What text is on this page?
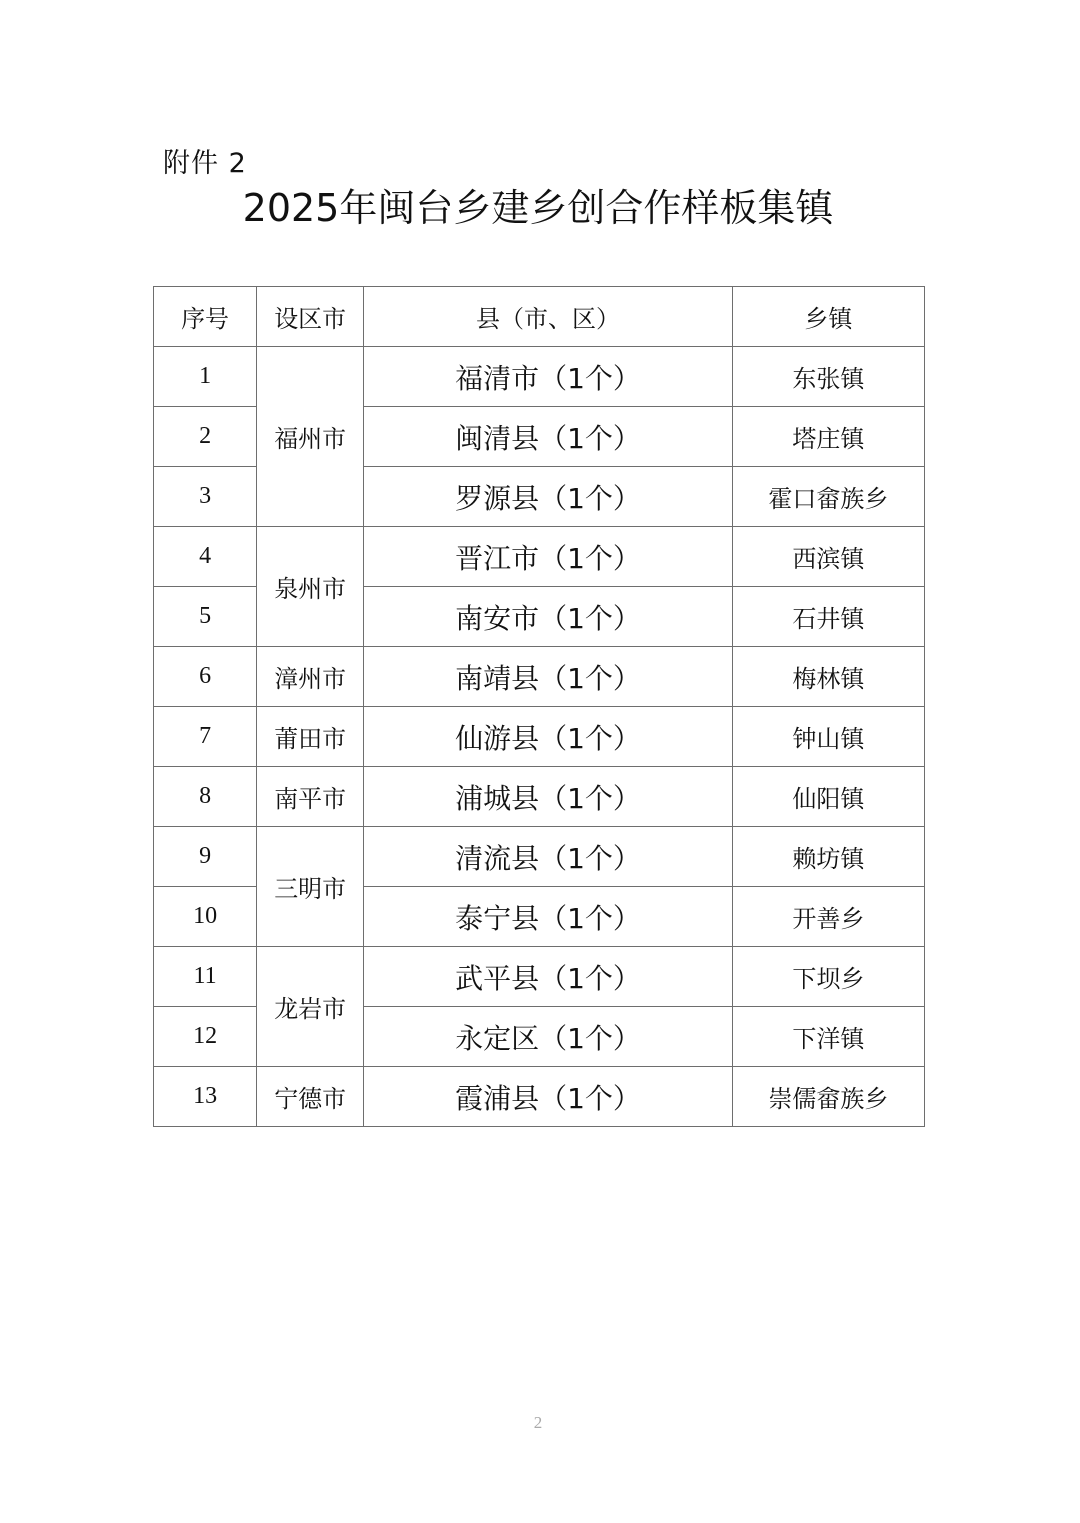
附件 2
2025年闽台乡建乡创合作样板集镇
序号	设区市	县（市、区）	乡镇
1	福州市	福清市（1个）	东张镇
2		闽清县（1个）	塔庄镇
3		罗源县（1个）	霍口畲族乡
4	泉州市	晋江市（1个）	西滨镇
5		南安市（1个）	石井镇
6	漳州市	南靖县（1个）	梅林镇
7	莆田市	仙游县（1个）	钟山镇
8	南平市	浦城县（1个）	仙阳镇
9	三明市	清流县（1个）	赖坊镇
10		泰宁县（1个）	开善乡
11	龙岩市	武平县（1个）	下坝乡
12		永定区（1个）	下洋镇
13	宁德市	霞浦县（1个）	崇儒畲族乡
2
